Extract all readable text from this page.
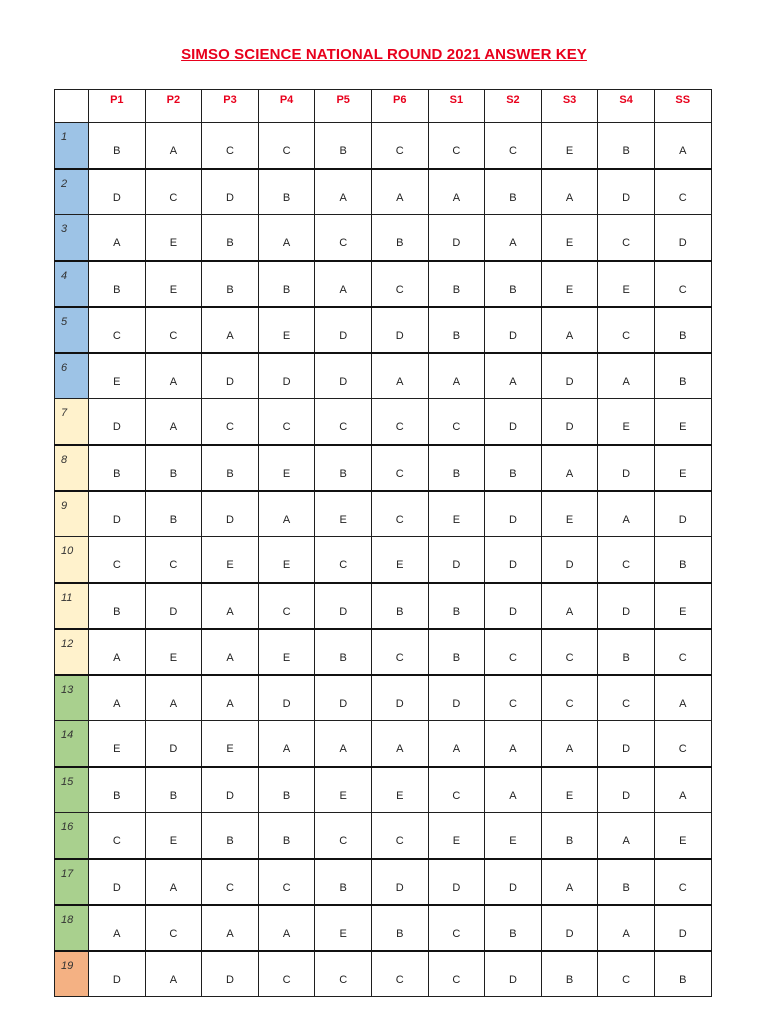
SIMSO SCIENCE NATIONAL ROUND 2021 ANSWER KEY
	P1	P2	P3	P4	P5	P6	S1	S2	S3	S4	SS
1	B	A	C	C	B	C	C	C	E	B	A
2	D	C	D	B	A	A	A	B	A	D	C
3	A	E	B	A	C	B	D	A	E	C	D
4	B	E	B	B	A	C	B	B	E	E	C
5	C	C	A	E	D	D	B	D	A	C	B
6	E	A	D	D	D	A	A	A	D	A	B
7	D	A	C	C	C	C	C	D	D	E	E
8	B	B	B	E	B	C	B	B	A	D	E
9	D	B	D	A	E	C	E	D	E	A	D
10	C	C	E	E	C	E	D	D	D	C	B
11	B	D	A	C	D	B	B	D	A	D	E
12	A	E	A	E	B	C	B	C	C	B	C
13	A	A	A	D	D	D	D	C	C	C	A
14	E	D	E	A	A	A	A	A	A	D	C
15	B	B	D	B	E	E	C	A	E	D	A
16	C	E	B	B	C	C	E	E	B	A	E
17	D	A	C	C	B	D	D	D	A	B	C
18	A	C	A	A	E	B	C	B	D	A	D
19	D	A	D	C	C	C	C	D	B	C	B
